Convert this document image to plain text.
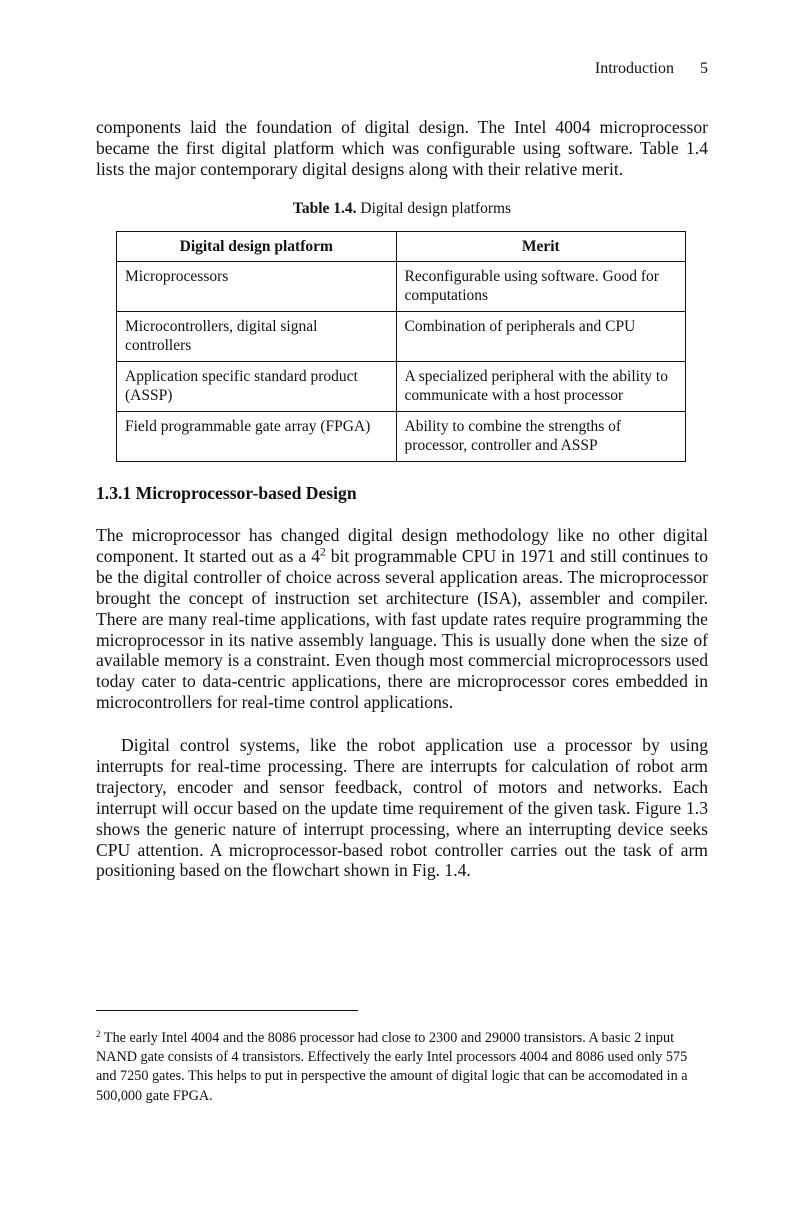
Introduction 5

components laid the foundation of digital design. The Intel 4004 microprocessor became the first digital platform which was configurable using software. Table 1.4 lists the major contemporary digital designs along with their relative merit.

Table 1.4. Digital design platforms
Digital design platform	Merit
Microprocessors	Reconfigurable using software. Good for computations
Microcontrollers, digital signal controllers	Combination of peripherals and CPU
Application specific standard product (ASSP)	A specialized peripheral with the ability to communicate with a host processor
Field programmable gate array (FPGA)	Ability to combine the strengths of processor, controller and ASSP
1.3.1 Microprocessor-based Design

The microprocessor has changed digital design methodology like no other digital component. It started out as a $4^2$ bit programmable CPU in 1971 and still continues to be the digital controller of choice across several application areas. The microprocessor brought the concept of instruction set architecture (ISA), assembler and compiler. There are many real-time applications, with fast update rates require programming the microprocessor in its native assembly language. This is usually done when the size of available memory is a constraint. Even though most commercial microprocessors used today cater to data-centric applications, there are microprocessor cores embedded in microcontrollers for real-time control applications.

Digital control systems, like the robot application use a processor by using interrupts for real-time processing. There are interrupts for calculation of robot arm trajectory, encoder and sensor feedback, control of motors and networks. Each interrupt will occur based on the update time requirement of the given task. Figure 1.3 shows the generic nature of interrupt processing, where an interrupting device seeks CPU attention. A microprocessor-based robot controller carries out the task of arm positioning based on the flowchart shown in Fig. 1.4.

$^2$ The early Intel 4004 and the 8086 processor had close to 2300 and 29000 transistors. A basic 2 input NAND gate consists of 4 transistors. Effectively the early Intel processors 4004 and 8086 used only 575 and 7250 gates. This helps to put in perspective the amount of digital logic that can be accomodated in a 500,000 gate FPGA.
